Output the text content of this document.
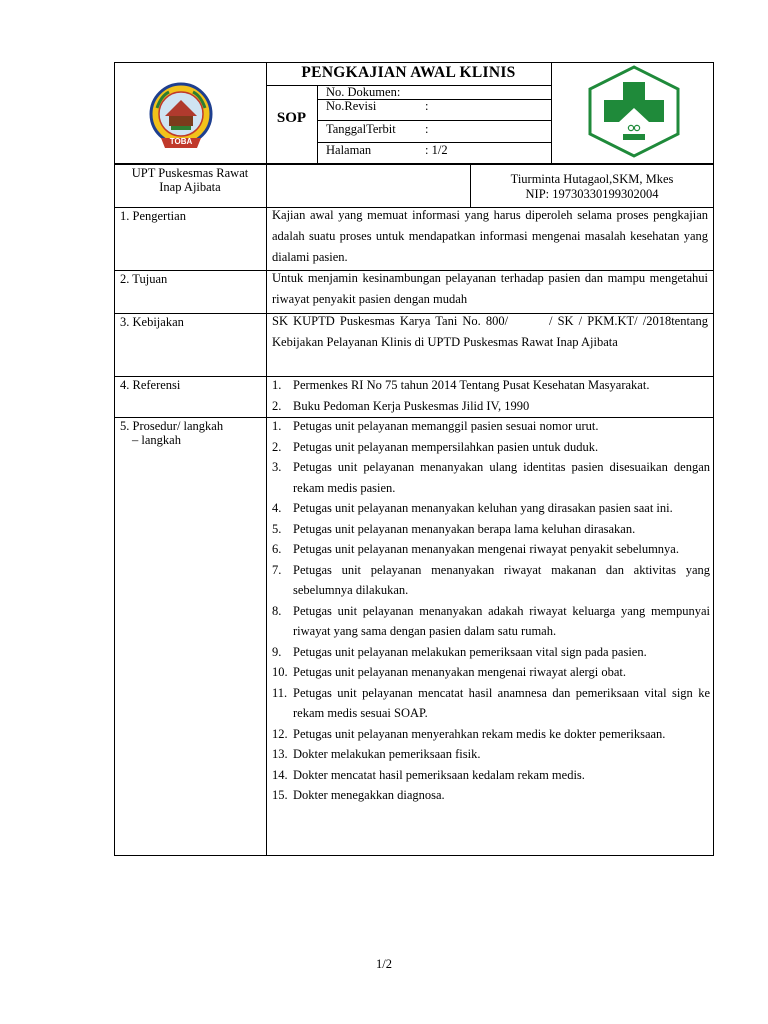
TOBA
PENGKAJIAN AWAL KLINIS
SOP
No. Dokumen:
No.Revisi	:
TanggalTerbit :
Halaman	: 1/2
UPT Puskesmas Rawat
Inap Ajibata
Tiurminta Hutagaol,SKM, Mkes
NIP: 19730330199302004
1. Pengertian	Kajian awal yang memuat informasi yang harus diperoleh selama proses pengkajian adalah suatu proses untuk mendapatkan informasi mengenai masalah kesehatan yang dialami pasien.
2. Tujuan	Untuk menjamin kesinambungan pelayanan terhadap pasien dan mampu mengetahui riwayat penyakit pasien dengan mudah
3. Kebijakan	SK KUPTD Puskesmas Karya Tani No. 800/        / SK / PKM.KT/ /2018tentang Kebijakan Pelayanan Klinis di UPTD Puskesmas Rawat Inap Ajibata
4. Referensi	1. Permenkes RI No 75 tahun 2014 Tentang Pusat Kesehatan Masyarakat.
2. Buku Pedoman Kerja Puskesmas Jilid IV, 1990
5. Prosedur/ langkah
– langkah
1. Petugas unit pelayanan memanggil pasien sesuai nomor urut.
2. Petugas unit pelayanan mempersilahkan pasien untuk duduk.
3. Petugas unit pelayanan menanyakan ulang identitas pasien disesuaikan dengan rekam medis pasien.
4. Petugas unit pelayanan menanyakan keluhan yang dirasakan pasien saat ini.
5. Petugas unit pelayanan menanyakan berapa lama keluhan dirasakan.
6. Petugas unit pelayanan menanyakan mengenai riwayat penyakit sebelumnya.
7. Petugas unit pelayanan menanyakan riwayat makanan dan aktivitas yang sebelumnya dilakukan.
8. Petugas unit pelayanan menanyakan adakah riwayat keluarga yang mempunyai riwayat yang sama dengan pasien dalam satu rumah.
9. Petugas unit pelayanan melakukan pemeriksaan vital sign pada pasien.
10. Petugas unit pelayanan menanyakan mengenai riwayat alergi obat.
11. Petugas unit pelayanan mencatat hasil anamnesa dan pemeriksaan vital sign ke rekam medis sesuai SOAP.
12. Petugas unit pelayanan menyerahkan rekam medis ke dokter pemeriksaan.
13. Dokter melakukan pemeriksaan fisik.
14. Dokter mencatat hasil pemeriksaan kedalam rekam medis.
15. Dokter menegakkan diagnosa.
1/2
